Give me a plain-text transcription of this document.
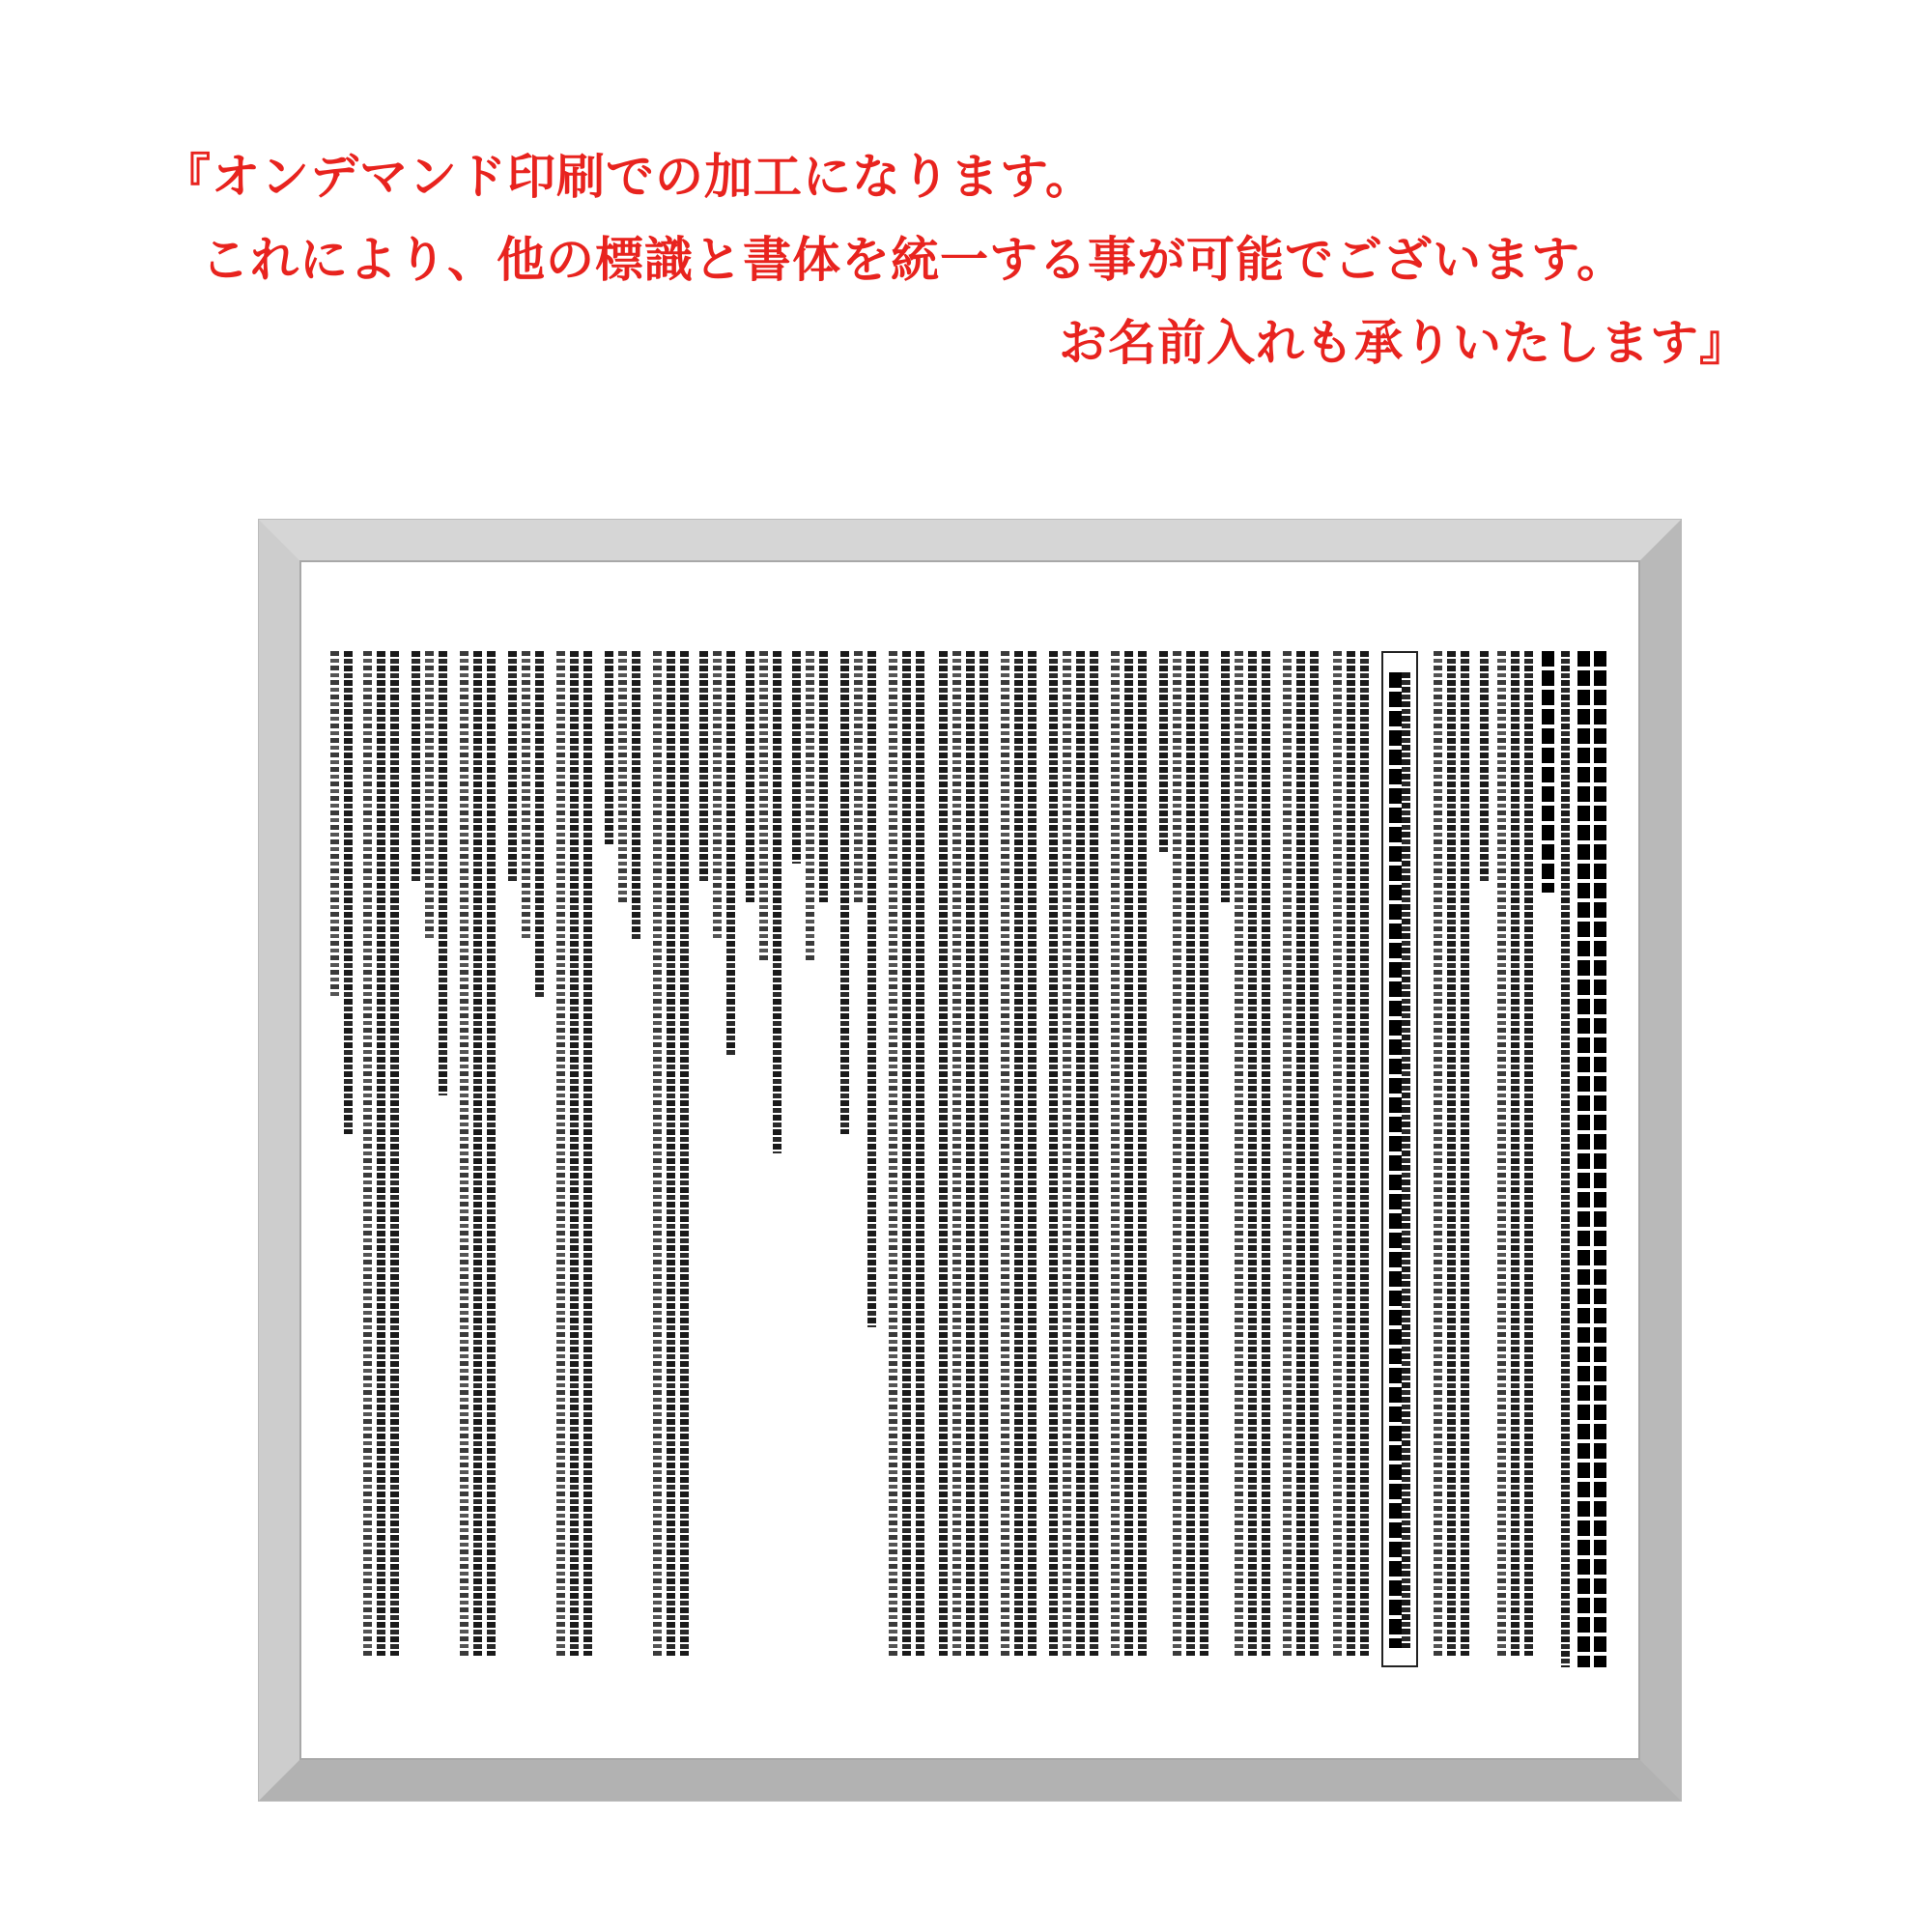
『オンデマンド印刷での加工になります。
これにより、他の標識と書体を統一する事が可能でございます。
お名前入れも承りいたします』
